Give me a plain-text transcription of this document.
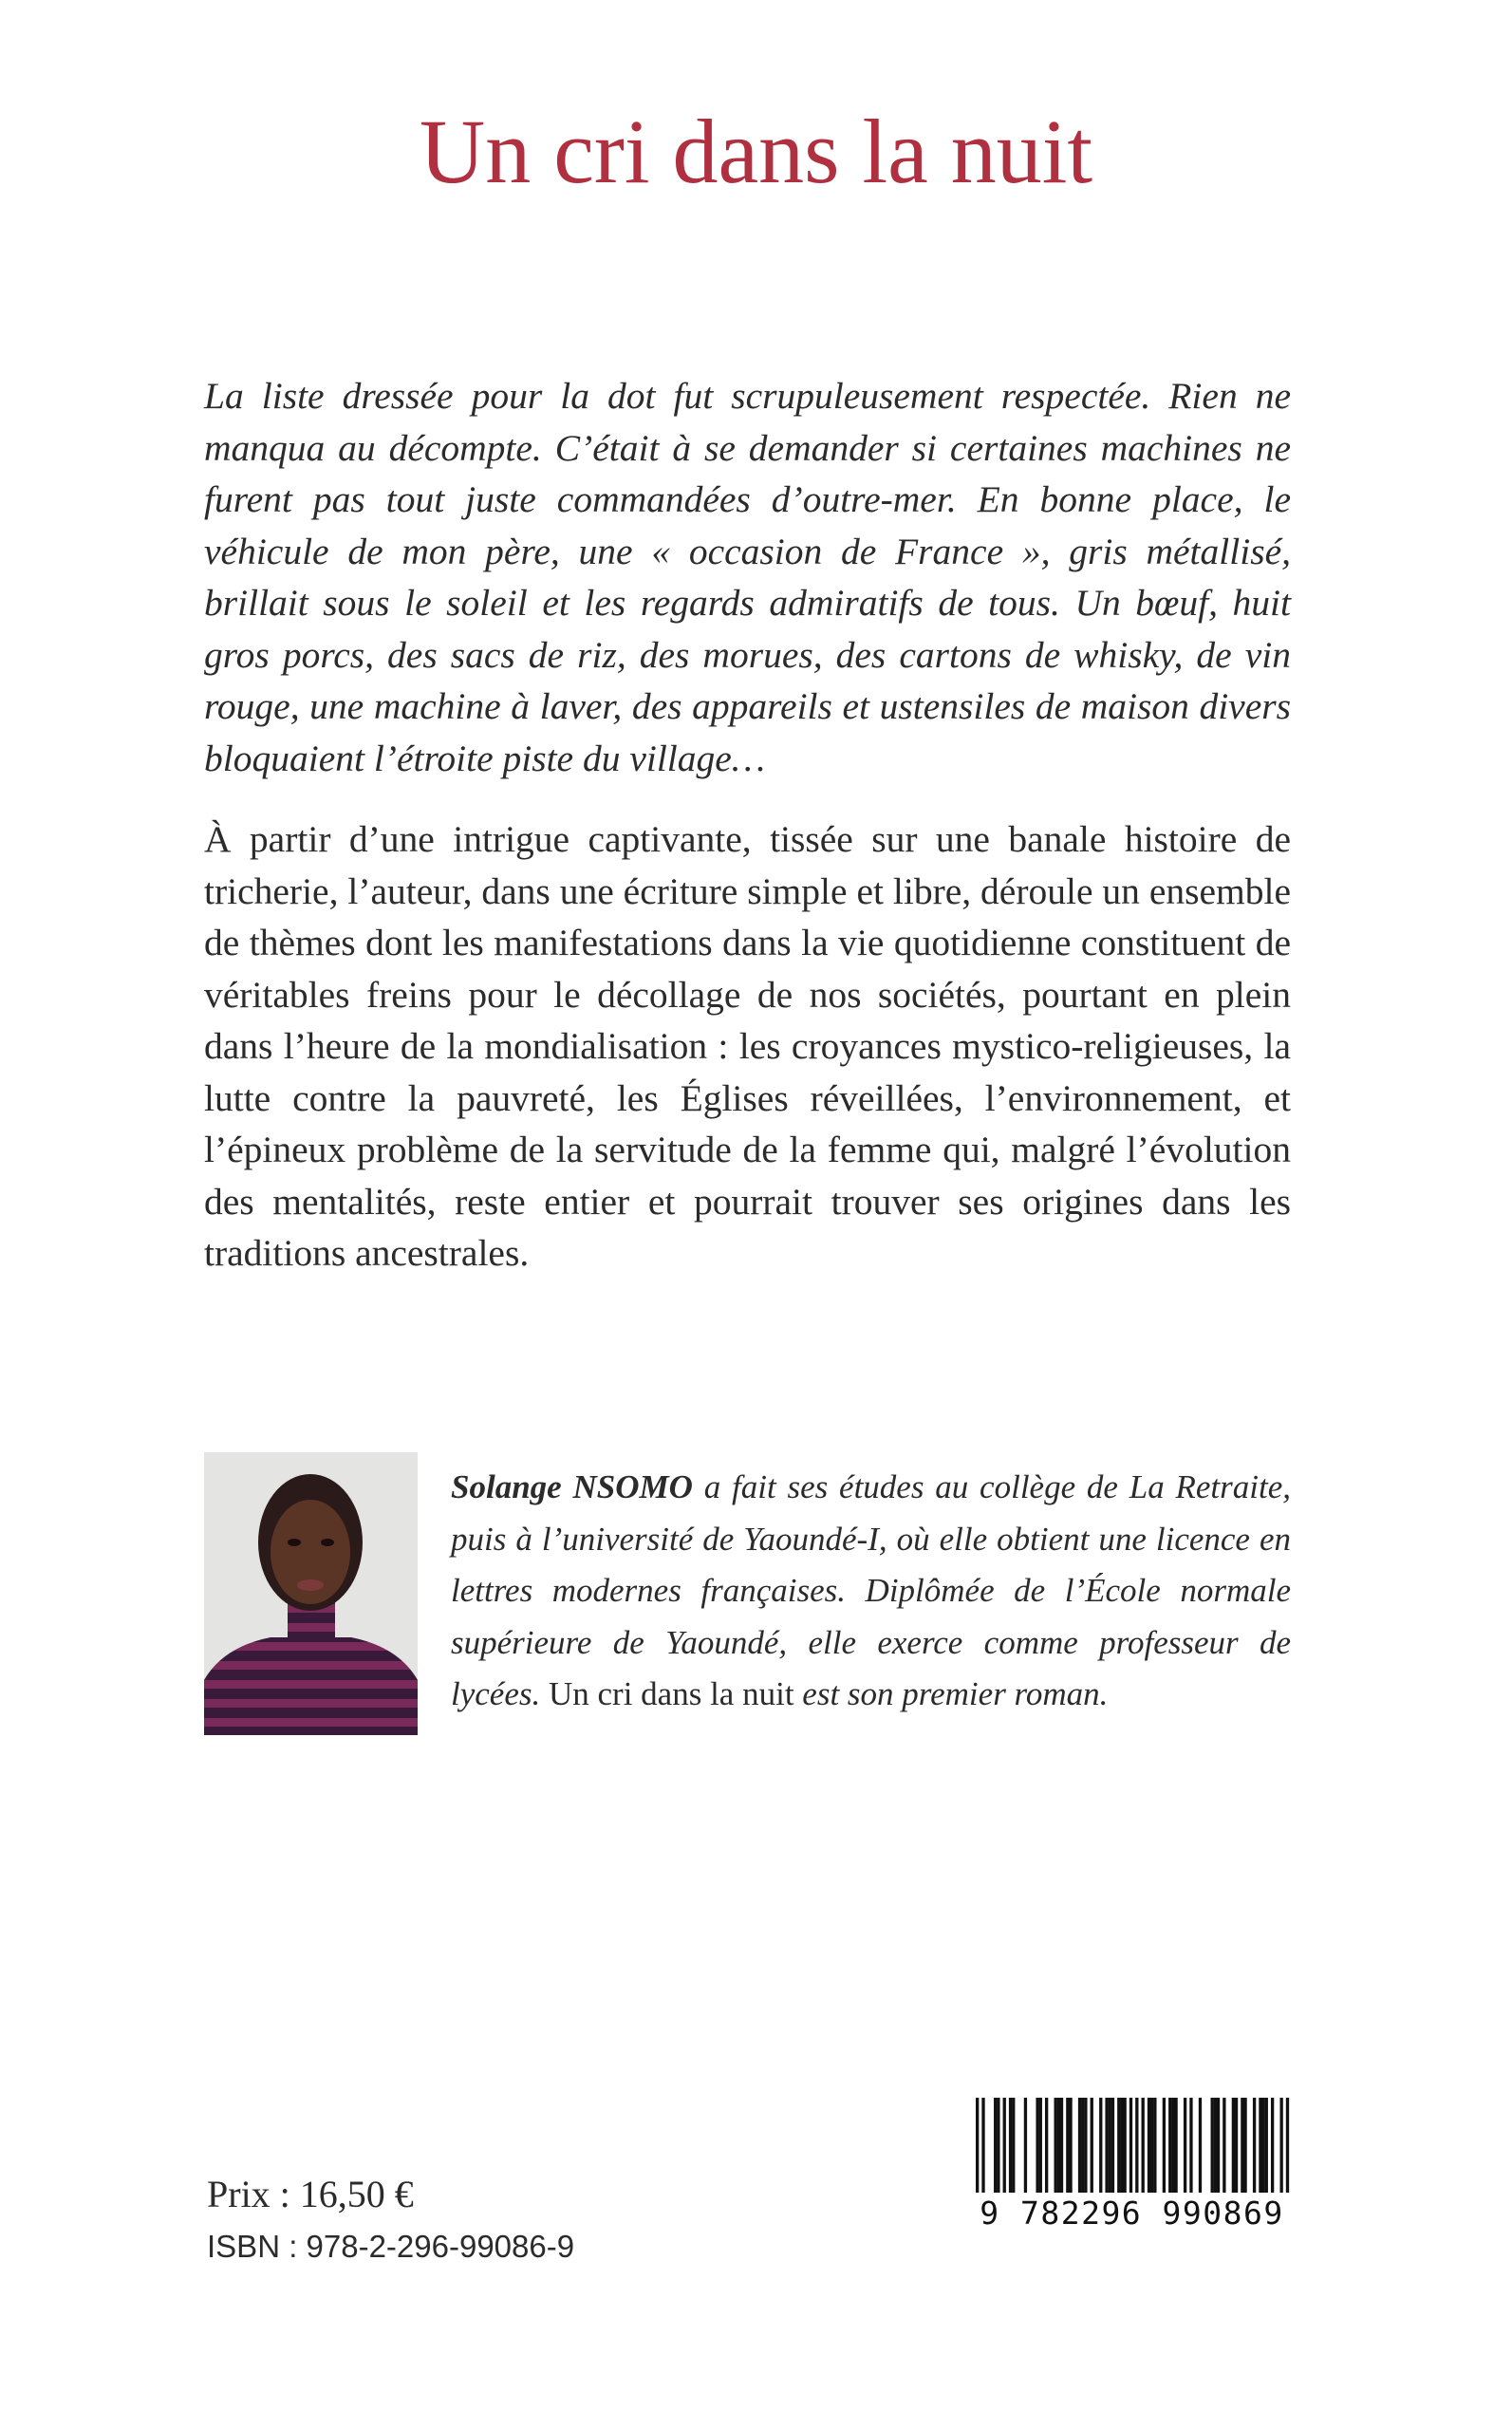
Un cri dans la nuit

La liste dressée pour la dot fut scrupuleusement respectée. Rien ne manqua au décompte. C’était à se demander si certaines machines ne furent pas tout juste commandées d’outre-mer. En bonne place, le véhicule de mon père, une « occasion de France », gris métallisé, brillait sous le soleil et les regards admiratifs de tous. Un bœuf, huit gros porcs, des sacs de riz, des morues, des cartons de whisky, de vin rouge, une machine à laver, des appareils et ustensiles de maison divers bloquaient l’étroite piste du village…

À partir d’une intrigue captivante, tissée sur une banale histoire de tricherie, l’auteur, dans une écriture simple et libre, déroule un ensemble de thèmes dont les manifestations dans la vie quotidienne constituent de véritables freins pour le décollage de nos sociétés, pourtant en plein dans l’heure de la mondialisation : les croyances mystico-religieuses, la lutte contre la pauvreté, les Églises réveillées, l’environnement, et l’épineux problème de la servitude de la femme qui, malgré l’évolution des mentalités, reste entier et pourrait trouver ses origines dans les traditions ancestrales.

Solange NSOMO a fait ses études au collège de La Retraite, puis à l’université de Yaoundé-I, où elle obtient une licence en lettres modernes françaises. Diplômée de l’École normale supérieure de Yaoundé, elle exerce comme professeur de lycées. Un cri dans la nuit est son premier roman.

Prix : 16,50 €

ISBN : 978-2-296-99086-9

9 782296 990869
